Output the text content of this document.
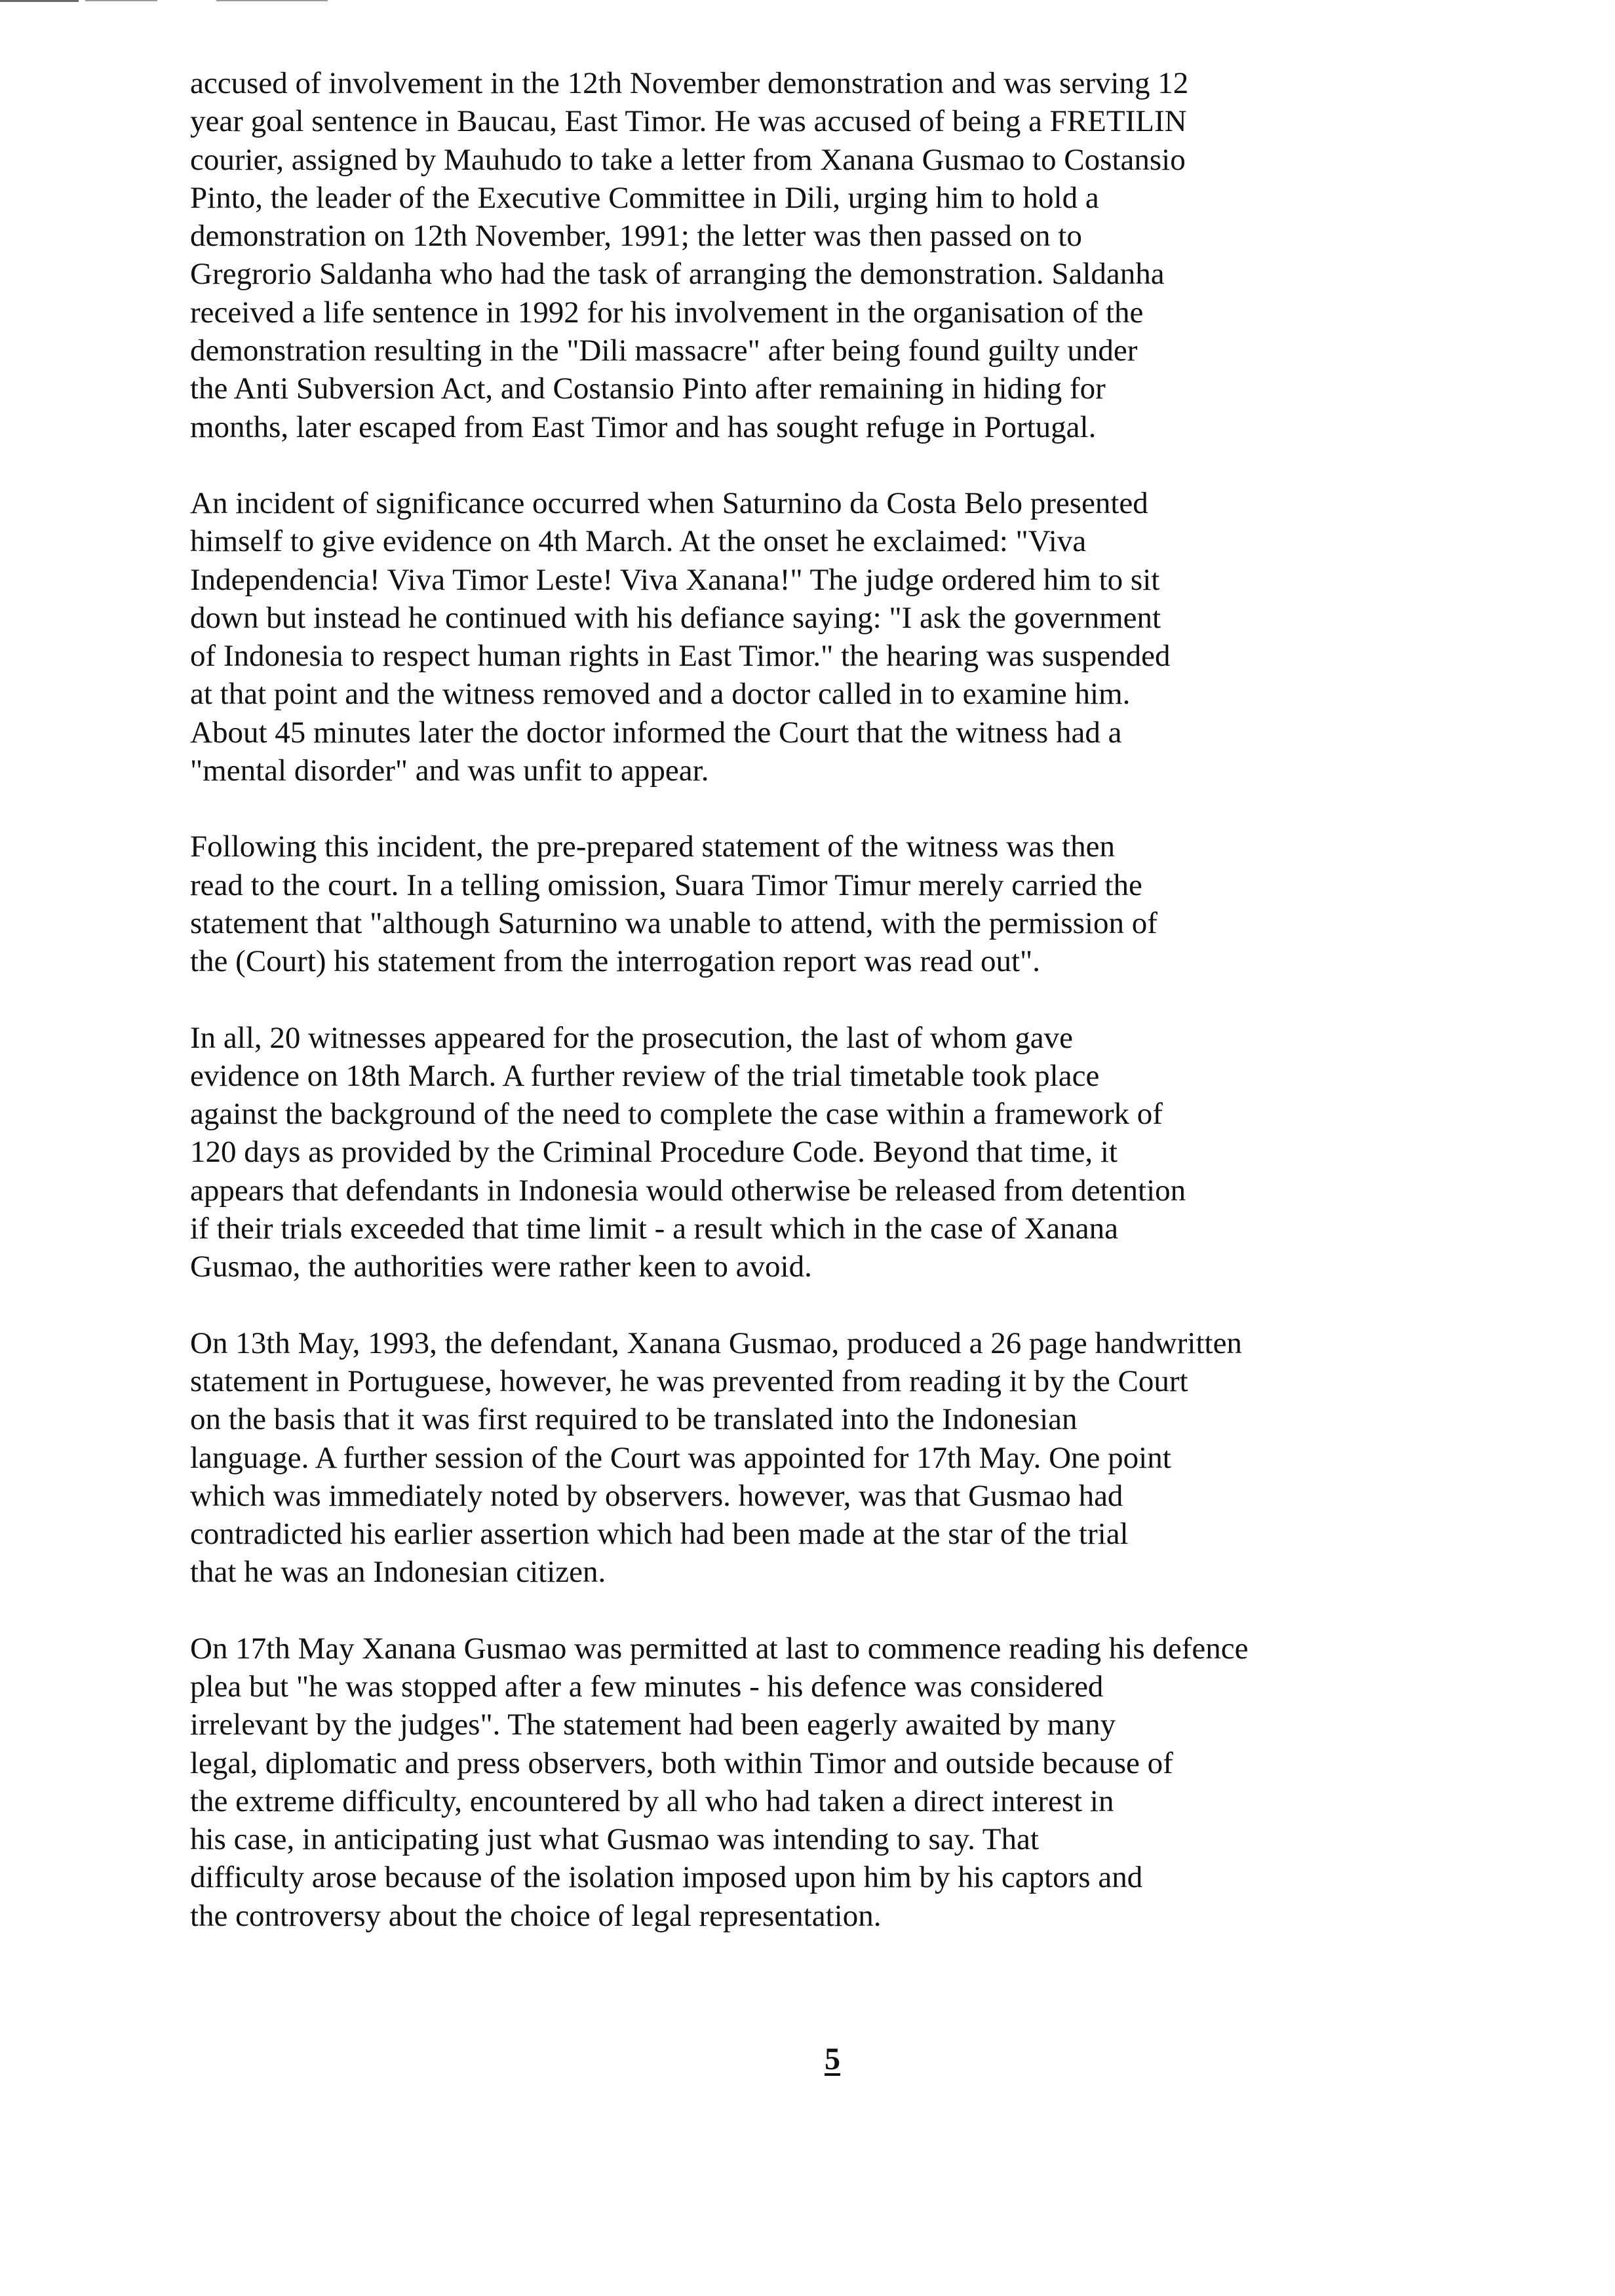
accused of involvement in the 12th November demonstration and was serving 12
year goal sentence in Baucau, East Timor. He was accused of being a FRETILIN
courier, assigned by Mauhudo to take a letter from Xanana Gusmao to Costansio
Pinto, the leader of the Executive Committee in Dili, urging him to hold a
demonstration on 12th November, 1991; the letter was then passed on to
Gregrorio Saldanha who had the task of arranging the demonstration. Saldanha
received a life sentence in 1992 for his involvement in the organisation of the
demonstration resulting in the "Dili massacre" after being found guilty under
the Anti Subversion Act, and Costansio Pinto after remaining in hiding for
months, later escaped from East Timor and has sought refuge in Portugal.

An incident of significance occurred when Saturnino da Costa Belo presented
himself to give evidence on 4th March. At the onset he exclaimed: "Viva
Independencia! Viva Timor Leste! Viva Xanana!" The judge ordered him to sit
down but instead he continued with his defiance saying: "I ask the government
of Indonesia to respect human rights in East Timor." the hearing was suspended
at that point and the witness removed and a doctor called in to examine him.
About 45 minutes later the doctor informed the Court that the witness had a
"mental disorder" and was unfit to appear.

Following this incident, the pre-prepared statement of the witness was then
read to the court. In a telling omission, Suara Timor Timur merely carried the
statement that "although Saturnino wa unable to attend, with the permission of
the (Court) his statement from the interrogation report was read out".

In all, 20 witnesses appeared for the prosecution, the last of whom gave
evidence on 18th March. A further review of the trial timetable took place
against the background of the need to complete the case within a framework of
120 days as provided by the Criminal Procedure Code. Beyond that time, it
appears that defendants in Indonesia would otherwise be released from detention
if their trials exceeded that time limit - a result which in the case of Xanana
Gusmao, the authorities were rather keen to avoid.

On 13th May, 1993, the defendant, Xanana Gusmao, produced a 26 page handwritten
statement in Portuguese, however, he was prevented from reading it by the Court
on the basis that it was first required to be translated into the Indonesian
language. A further session of the Court was appointed for 17th May. One point
which was immediately noted by observers. however, was that Gusmao had
contradicted his earlier assertion which had been made at the star of the trial
that he was an Indonesian citizen.

On 17th May Xanana Gusmao was permitted at last to commence reading his defence
plea but "he was stopped after a few minutes - his defence was considered
irrelevant by the judges". The statement had been eagerly awaited by many
legal, diplomatic and press observers, both within Timor and outside because of
the extreme difficulty, encountered by all who had taken a direct interest in
his case, in anticipating just what Gusmao was intending to say. That
difficulty arose because of the isolation imposed upon him by his captors and
the controversy about the choice of legal representation.

5
